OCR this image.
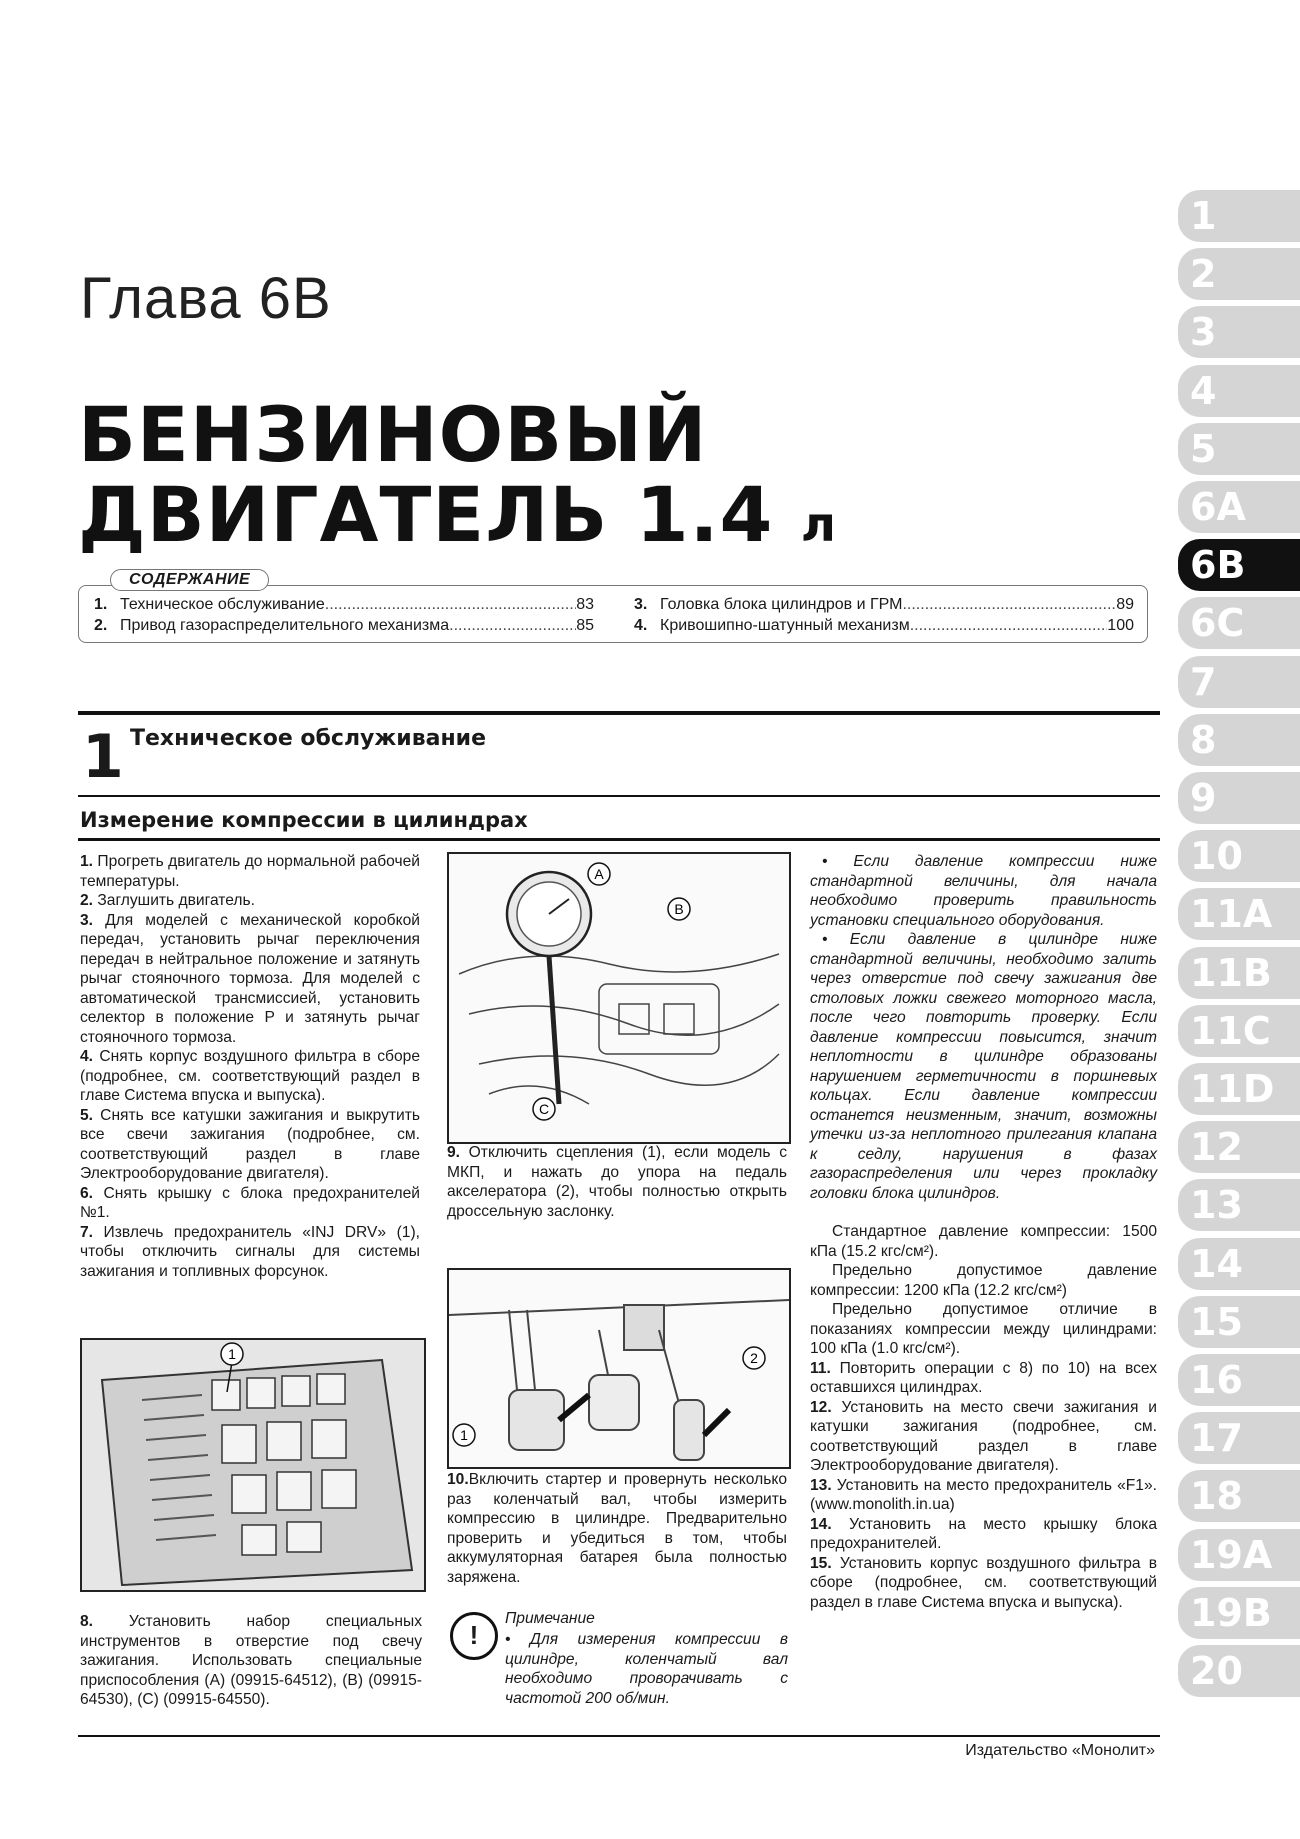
Глава 6В
БЕНЗИНОВЫЙ
ДВИГАТЕЛЬ 1.4 л
СОДЕРЖАНИЕ
1. Техническое обслуживание .....	83
2. Привод газораспределительного механизма .....	85
3. Головка блока цилиндров и ГРМ .....	89
4. Кривошипно-шатунный механизм .....	100
1 Техническое обслуживание
Измерение компрессии в цилиндрах

1. Прогреть двигатель до нормальной рабочей температуры.

2. Заглушить двигатель.

3. Для моделей с механической коробкой передач, установить рычаг переключения передач в нейтральное положение и затянуть рычаг стояночного тормоза. Для моделей с автоматической трансмиссией, установить селектор в положение P и затянуть рычаг стояночного тормоза.

4. Снять корпус воздушного фильтра в сборе (подробнее, см. соответствующий раздел в главе Система впуска и выпуска).

5. Снять все катушки зажигания и выкрутить все свечи зажигания (подробнее, см. соответствующий раздел в главе Электрооборудование двигателя).

6. Снять крышку с блока предохранителей №1.

7. Извлечь предохранитель «INJ DRV» (1), чтобы отключить сигналы для системы зажигания и топливных форсунок.

1
8. Установить набор специальных инструментов в отверстие под свечу зажигания. Использовать специальные приспособления (A) (09915-64512), (B) (09915-64530), (C) (09915-64550).
A
B
C
9. Отключить сцепления (1), если модель с МКП, и нажать до упора на педаль акселератора (2), чтобы полностью открыть дроссельную заслонку.
1
2
10.Включить стартер и провернуть несколько раз коленчатый вал, чтобы измерить компрессию в цилиндре. Предварительно проверить и убедиться в том, чтобы аккумуляторная батарея была полностью заряжена.
!
Примечание
• Для измерения компрессии в цилиндре, коленчатый вал необходимо проворачивать с частотой 200 об/мин.

• Если давление компрессии ниже стандартной величины, для начала необходимо проверить правильность установки специального оборудования.

• Если давление в цилиндре ниже стандартной величины, необходимо залить через отверстие под свечу зажигания две столовых ложки свежего моторного масла, после чего повторить проверку. Если давление компрессии повысится, значит неплотности в цилиндре образованы нарушением герметичности в поршневых кольцах. Если давление компрессии останется неизменным, значит, возможны утечки из-за неплотного прилегания клапана к седлу, нарушения в фазах газораспределения или через прокладку головки блока цилиндров.

Стандартное давление компрессии: 1500 кПа (15.2 кгс/см²).

Предельно допустимое давление компрессии: 1200 кПа (12.2 кгс/см²)

Предельно допустимое отличие в показаниях компрессии между цилиндрами: 100 кПа (1.0 кгс/см²).

11. Повторить операции с 8) по 10) на всех оставшихся цилиндрах.

12. Установить на место свечи зажигания и катушки зажигания (подробнее, см. соответствующий раздел в главе Электрооборудование двигателя).

13. Установить на место предохранитель «F1». (www.monolith.in.ua)

14. Установить на место крышку блока предохранителей.

15. Установить корпус воздушного фильтра в сборе (подробнее, см. соответствующий раздел в главе Система впуска и выпуска).

Издательство «Монолит»
1
2
3
4
5
6A
6B
6C
7
8
9
10
11A
11B
11C
11D
12
13
14
15
16
17
18
19A
19B
20
